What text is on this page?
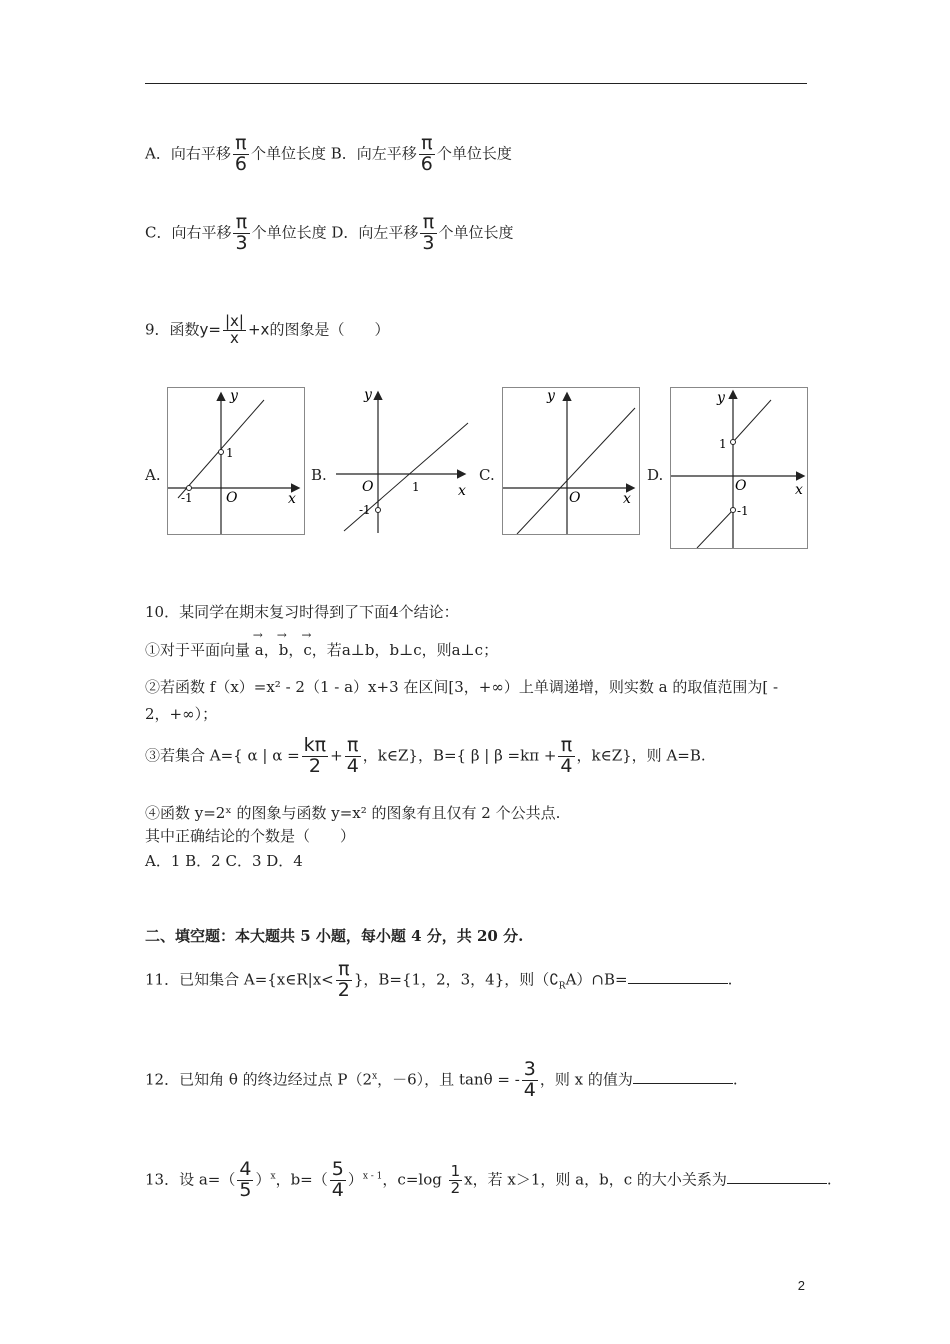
A．向右平移 $\frac{\pi}{6}$ 个单位长度 B．向左平移 $\frac{\pi}{6}$ 个单位长度
C．向右平移 $\frac{\pi}{3}$ 个单位长度 D．向左平移 $\frac{\pi}{3}$ 个单位长度
9．函数$y= \frac{|x|}{x} +x$的图象是（　　）
A.	B.	C.	D.
y
x
O
1
-1
y
x
O	1
-1
y
x
O
y
x
O
1
-1
10．某同学在期末复习时得到了下面4个结论：
①对于平面向量 → a，→ b，→ c，若a⊥b，b⊥c，则a⊥c；
②若函数 f（x）=x² - 2（1 - a）x+3 在区间[3，+∞）上单调递增，则实数 a 的取值范围为[ -
2，+∞）；
③若集合 A={ α | $\alpha = \frac{k\pi}{2} + \frac{\pi}{4}$ ，k∈Z}，B={ β | $\beta =k\pi + \frac{\pi}{4}$ ，k∈Z}，则 A=B.
④函数 y=2ˣ 的图象与函数 y=x² 的图象有且仅有 2 个公共点.
其中正确结论的个数是（　　）
A．1 B．2 C．3 D．4
二、填空题：本大题共 5 小题，每小题 4 分，共 20 分.
11．已知集合 A={x∈R|x< $\frac{\pi}{2}$ }，B={1，2，3，4}，则$(∁_RA)\cap B=$	.
12．已知角 θ 的终边经过点 $P(2^x$，－6），且 tanθ = - $\frac{3}{4}$ ，则 x 的值为	.
13．设 $a=( \frac{4}{5} )^x$，$b=( \frac{5}{4} )^{x - 1}$，$c=\log \frac{1}{2}$ x，若 x＞1，则 a，b，c 的大小关系为	.
2
